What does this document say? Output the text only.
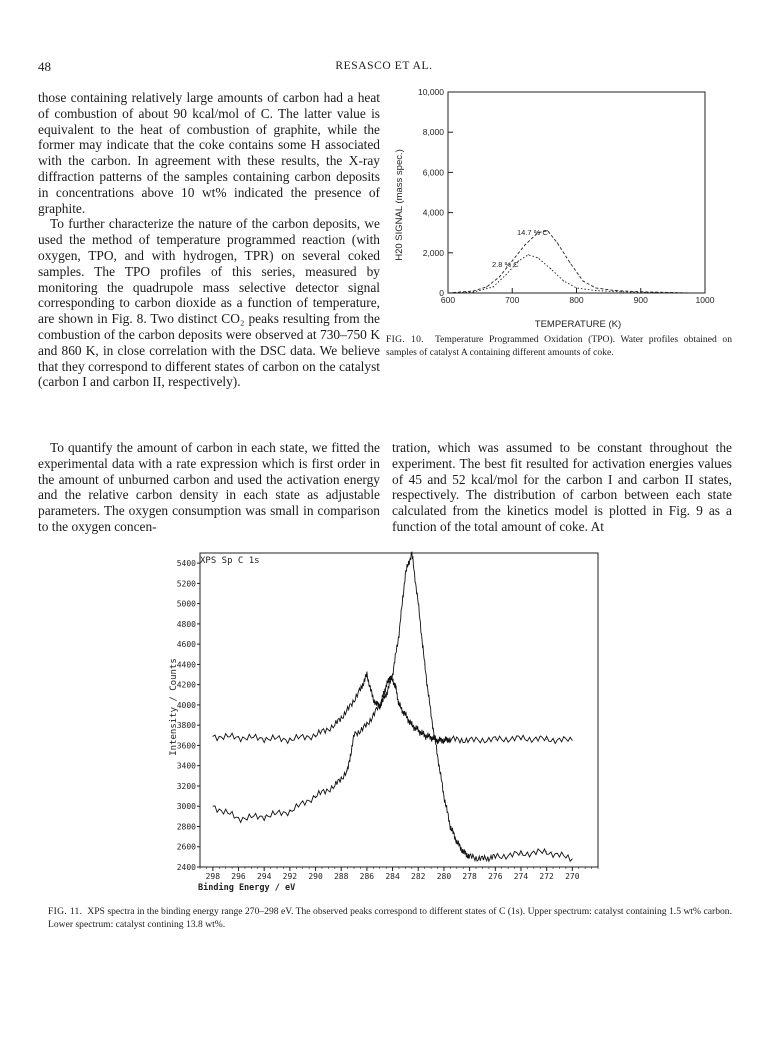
48	RESASCO ET AL.

those containing relatively large amounts of carbon had a heat of combustion of about 90 kcal/mol of C. The latter value is equivalent to the heat of combustion of graphite, while the former may indicate that the coke contains some H associated with the carbon. In agreement with these results, the X-ray diffraction patterns of the samples containing carbon deposits in concentrations above 10 wt% indicated the presence of graphite.

To further characterize the nature of the carbon deposits, we used the method of temperature programmed reaction (with oxygen, TPO, and with hydrogen, TPR) on several coked samples. The TPO profiles of this series, measured by monitoring the quadrupole mass selective detector signal corresponding to carbon dioxide as a function of temperature, are shown in Fig. 8. Two distinct CO₂ peaks resulting from the combustion of the carbon deposits were observed at 730–750 K and 860 K, in close correlation with the DSC data. We believe that they correspond to different states of carbon on the catalyst (carbon I and carbon II, respectively).

To quantify the amount of carbon in each state, we fitted the experimental data with a rate expression which is first order in the amount of unburned carbon and used the activation energy and the relative carbon density in each state as adjustable parameters. The oxygen consumption was small in comparison to the oxygen concen-

tration, which was assumed to be constant throughout the experiment. The best fit resulted for activation energies values of 45 and 52 kcal/mol for the carbon I and carbon II states, respectively. The distribution of carbon between each state calculated from the kinetics model is plotted in Fig. 9 as a function of the total amount of coke. At

600	700	800	900	1000
0
2,000
4,000
6,000
8,000
10,000
TEMPERATURE (K)
H20 SIGNAL (mass spec.)	14.7 % C
2.8 % C

FIG. 10. Temperature Programmed Oxidation (TPO). Water profiles obtained on samples of catalyst A containing different amounts of coke.

298 296 294 292 290 288 286 284 282 280 278 276 274 272 270
2400
2600
2800
3000
3200
3400
3600
3800
4000
4200
4400
4600
4800
5000
5200
5400 XPS Sp C 1s
Binding Energy / eV
Intensity / Counts

FIG. 11. XPS spectra in the binding energy range 270–298 eV. The observed peaks correspond to different states of C (1s). Upper spectrum: catalyst containing 1.5 wt% carbon. Lower spectrum: catalyst contining 13.8 wt%.
